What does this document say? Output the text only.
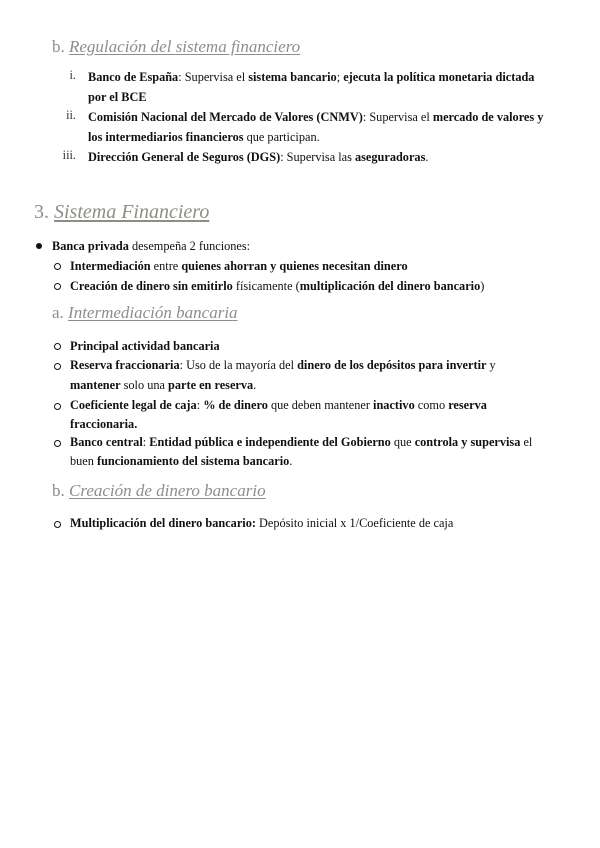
b. Regulación del sistema financiero
i. Banco de España: Supervisa el sistema bancario; ejecuta la política monetaria dictada
por el BCE
ii. Comisión Nacional del Mercado de Valores (CNMV): Supervisa el mercado de valores y
los intermediarios financieros que participan.
iii. Dirección General de Seguros (DGS): Supervisa las aseguradoras.
3. Sistema Financiero
Banca privada desempeña 2 funciones:
Intermediación entre quienes ahorran y quienes necesitan dinero
Creación de dinero sin emitirlo físicamente (multiplicación del dinero bancario)
a. Intermediación bancaria
Principal actividad bancaria
Reserva fraccionaria: Uso de la mayoría del dinero de los depósitos para invertir y
mantener solo una parte en reserva.
Coeficiente legal de caja: % de dinero que deben mantener inactivo como reserva
fraccionaria.
Banco central: Entidad pública e independiente del Gobierno que controla y supervisa el
buen funcionamiento del sistema bancario.
b. Creación de dinero bancario
Multiplicación del dinero bancario: Depósito inicial x 1/Coeficiente de caja
